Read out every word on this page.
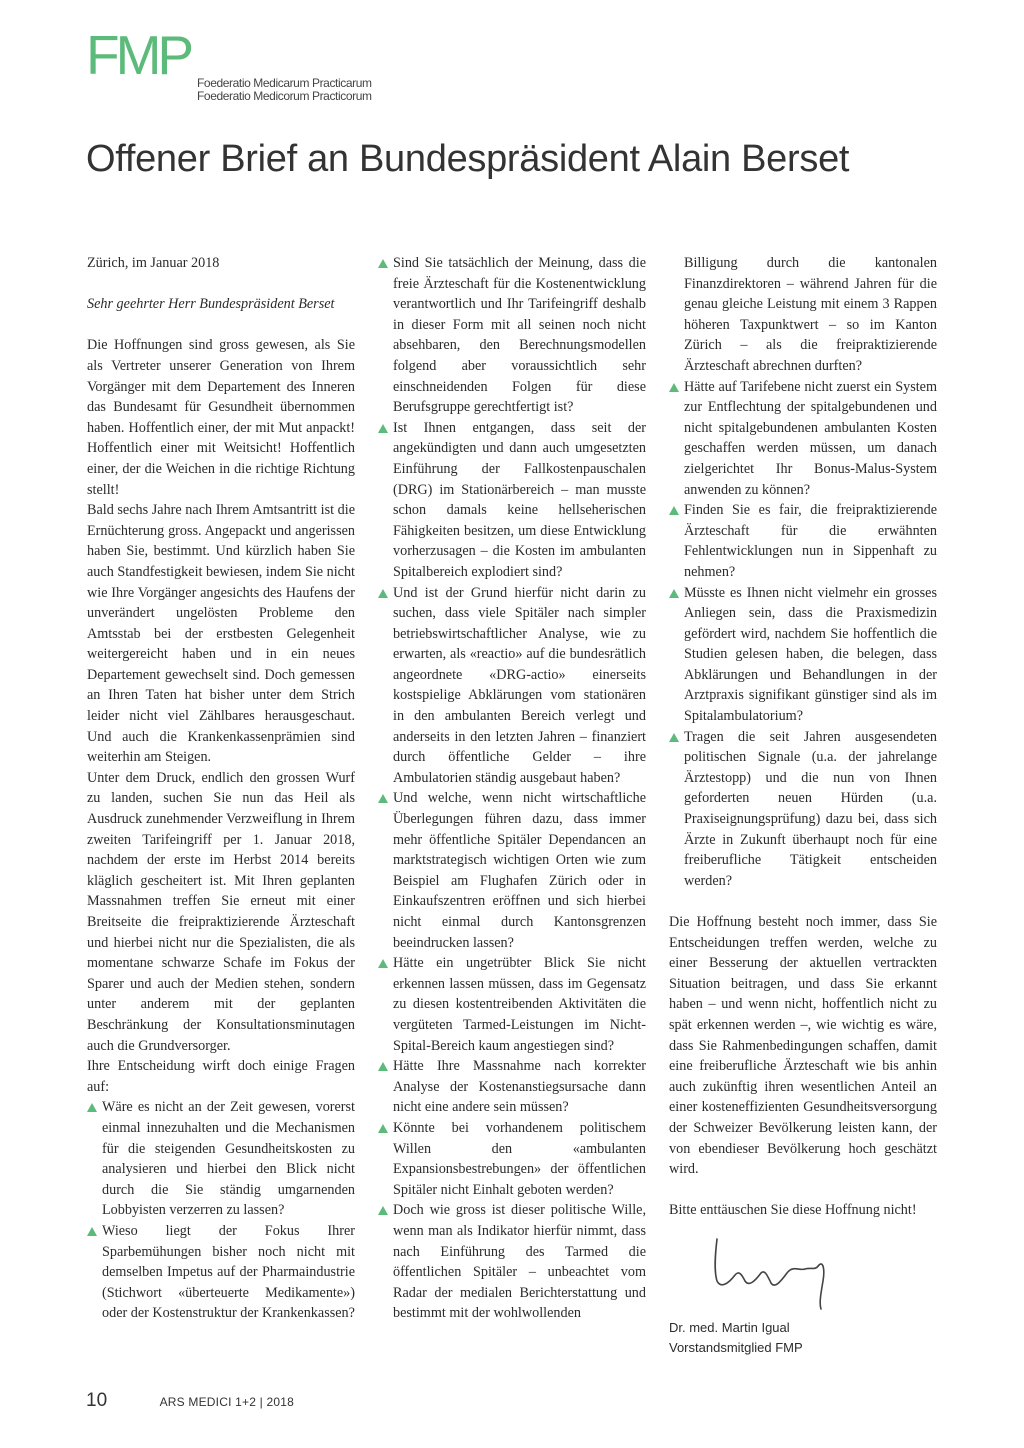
FMP Foederatio Medicarum Practicarum
Foederatio Medicorum Practicorum
Offener Brief an Bundespräsident Alain Berset

Zürich, im Januar 2018

Sehr geehrter Herr Bundespräsident Berset

Die Hoffnungen sind gross gewesen, als Sie als Vertreter unserer Generation von Ihrem Vorgänger mit dem Departement des Inneren das Bundesamt für Gesundheit übernommen haben. Hoffentlich einer, der mit Mut anpackt! Hoffentlich einer mit Weitsicht! Hoffentlich einer, der die Weichen in die richtige Richtung stellt!

Bald sechs Jahre nach Ihrem Amtsantritt ist die Ernüchterung gross. Angepackt und angerissen haben Sie, bestimmt. Und kürzlich haben Sie auch Standfestigkeit bewiesen, indem Sie nicht wie Ihre Vorgänger angesichts des Haufens der unverändert ungelösten Probleme den Amtsstab bei der erstbesten Gelegenheit weitergereicht haben und in ein neues Departement gewechselt sind. Doch gemessen an Ihren Taten hat bisher unter dem Strich leider nicht viel Zählbares herausgeschaut. Und auch die Krankenkassenprämien sind weiterhin am Steigen.

Unter dem Druck, endlich den grossen Wurf zu landen, suchen Sie nun das Heil als Ausdruck zunehmender Verzweiflung in Ihrem zweiten Tarifeingriff per 1. Januar 2018, nachdem der erste im Herbst 2014 bereits kläglich gescheitert ist. Mit Ihren geplanten Massnahmen treffen Sie erneut mit einer Breitseite die freipraktizierende Ärzteschaft und hierbei nicht nur die Spezialisten, die als momentane schwarze Schafe im Fokus der Sparer und auch der Medien stehen, sondern unter anderem mit der geplanten Beschränkung der Konsultationsminutagen auch die Grundversorger.

Ihre Entscheidung wirft doch einige Fragen auf:

Wäre es nicht an der Zeit gewesen, vorerst einmal innezuhalten und die Mechanismen für die steigenden Gesundheitskosten zu analysieren und hierbei den Blick nicht durch die Sie ständig umgarnenden Lobbyisten verzerren zu lassen?

Wieso liegt der Fokus Ihrer Sparbemühungen bisher noch nicht mit demselben Impetus auf der Pharmaindustrie (Stichwort «überteuerte Medikamente») oder der Kostenstruktur der Krankenkassen?

Sind Sie tatsächlich der Meinung, dass die freie Ärzteschaft für die Kostenentwicklung verantwortlich und Ihr Tarifeingriff deshalb in dieser Form mit all seinen noch nicht absehbaren, den Berechnungsmodellen folgend aber voraussichtlich sehr einschneidenden Folgen für diese Berufsgruppe gerechtfertigt ist?

Ist Ihnen entgangen, dass seit der angekündigten und dann auch umgesetzten Einführung der Fallkostenpauschalen (DRG) im Stationärbereich – man musste schon damals keine hellseherischen Fähigkeiten besitzen, um diese Entwicklung vorherzusagen – die Kosten im ambulanten Spitalbereich explodiert sind?

Und ist der Grund hierfür nicht darin zu suchen, dass viele Spitäler nach simpler betriebswirtschaftlicher Analyse, wie zu erwarten, als «reactio» auf die bundesrätlich angeordnete «DRG-actio» einerseits kostspielige Abklärungen vom stationären in den ambulanten Bereich verlegt und anderseits in den letzten Jahren – finanziert durch öffentliche Gelder – ihre Ambulatorien ständig ausgebaut haben?

Und welche, wenn nicht wirtschaftliche Überlegungen führen dazu, dass immer mehr öffentliche Spitäler Dependancen an marktstrategisch wichtigen Orten wie zum Beispiel am Flughafen Zürich oder in Einkaufszentren eröffnen und sich hierbei nicht einmal durch Kantonsgrenzen beeindrucken lassen?

Hätte ein ungetrübter Blick Sie nicht erkennen lassen müssen, dass im Gegensatz zu diesen kostentreibenden Aktivitäten die vergüteten Tarmed-Leistungen im Nicht-Spital-Bereich kaum angestiegen sind?

Hätte Ihre Massnahme nach korrekter Analyse der Kostenanstiegsursache dann nicht eine andere sein müssen?

Könnte bei vorhandenem politischem Willen den «ambulanten Expansionsbestrebungen» der öffentlichen Spitäler nicht Einhalt geboten werden?

Doch wie gross ist dieser politische Wille, wenn man als Indikator hierfür nimmt, dass nach Einführung des Tarmed die öffentlichen Spitäler – unbeachtet vom Radar der medialen Berichterstattung und bestimmt mit der wohlwollenden

Billigung durch die kantonalen Finanzdirektoren – während Jahren für die genau gleiche Leistung mit einem 3 Rappen höheren Taxpunktwert – so im Kanton Zürich – als die freipraktizierende Ärzteschaft abrechnen durften?

Hätte auf Tarifebene nicht zuerst ein System zur Entflechtung der spitalgebundenen und nicht spitalgebundenen ambulanten Kosten geschaffen werden müssen, um danach zielgerichtet Ihr Bonus-Malus-System anwenden zu können?

Finden Sie es fair, die freipraktizierende Ärzteschaft für die erwähnten Fehlentwicklungen nun in Sippenhaft zu nehmen?

Müsste es Ihnen nicht vielmehr ein grosses Anliegen sein, dass die Praxismedizin gefördert wird, nachdem Sie hoffentlich die Studien gelesen haben, die belegen, dass Abklärungen und Behandlungen in der Arztpraxis signifikant günstiger sind als im Spitalambulatorium?

Tragen die seit Jahren ausgesendeten politischen Signale (u.a. der jahrelange Ärztestopp) und die nun von Ihnen geforderten neuen Hürden (u.a. Praxiseignungsprüfung) dazu bei, dass sich Ärzte in Zukunft überhaupt noch für eine freiberufliche Tätigkeit entscheiden werden?

Die Hoffnung besteht noch immer, dass Sie Entscheidungen treffen werden, welche zu einer Besserung der aktuellen vertrackten Situation beitragen, und dass Sie erkannt haben – und wenn nicht, hoffentlich nicht zu spät erkennen werden –, wie wichtig es wäre, dass Sie Rahmenbedingungen schaffen, damit eine freiberufliche Ärzteschaft wie bis anhin auch zukünftig ihren wesentlichen Anteil an einer kosteneffizienten Gesundheitsversorgung der Schweizer Bevölkerung leisten kann, der von ebendieser Bevölkerung hoch geschätzt wird.

Bitte enttäuschen Sie diese Hoffnung nicht!

Dr. med. Martin Igual
Vorstandsmitglied FMP
10	ARS MEDICI 1+2 | 2018
